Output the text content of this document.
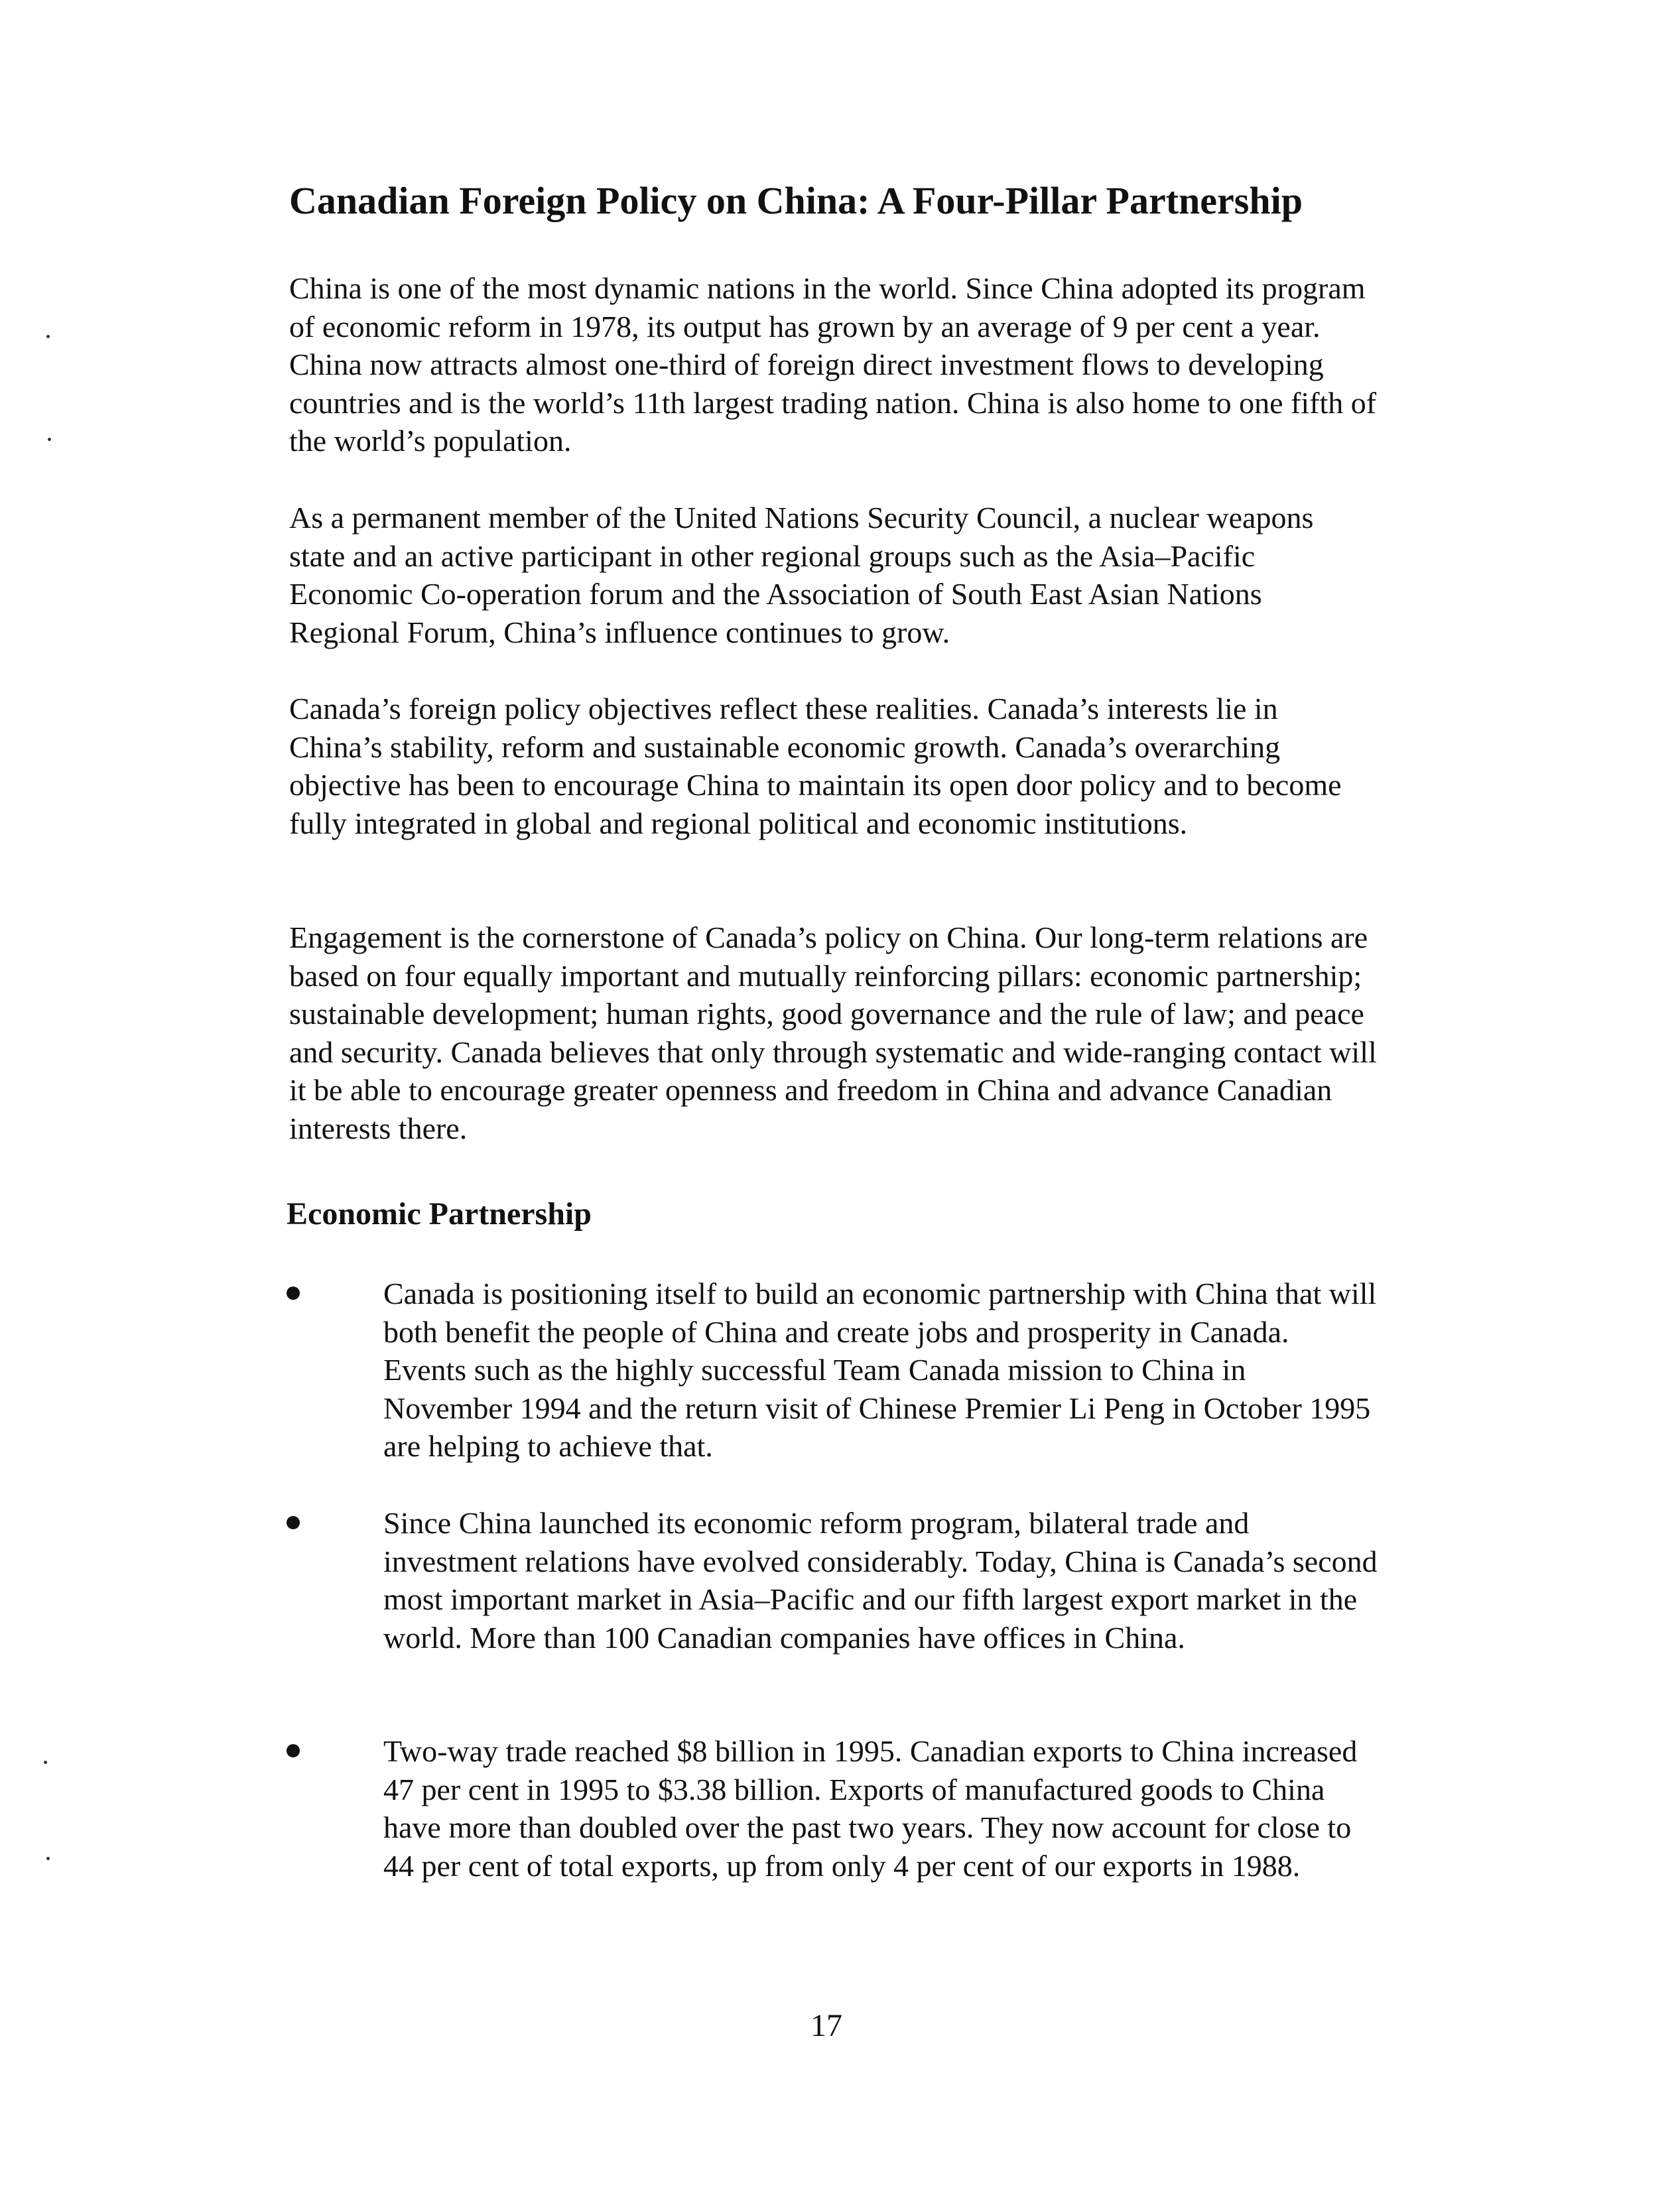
Canadian Foreign Policy on China: A Four-Pillar Partnership

China is one of the most dynamic nations in the world. Since China adopted its program of economic reform in 1978, its output has grown by an average of 9 per cent a year. China now attracts almost one-third of foreign direct investment flows to developing countries and is the world’s 11th largest trading nation. China is also home to one fifth of the world’s population.

As a permanent member of the United Nations Security Council, a nuclear weapons state and an active participant in other regional groups such as the Asia–Pacific Economic Co-operation forum and the Association of South East Asian Nations Regional Forum, China’s influence continues to grow.

Canada’s foreign policy objectives reflect these realities. Canada’s interests lie in China’s stability, reform and sustainable economic growth. Canada’s overarching objective has been to encourage China to maintain its open door policy and to become fully integrated in global and regional political and economic institutions.

Engagement is the cornerstone of Canada’s policy on China. Our long-term relations are based on four equally important and mutually reinforcing pillars: economic partnership; sustainable development; human rights, good governance and the rule of law; and peace and security. Canada believes that only through systematic and wide-ranging contact will it be able to encourage greater openness and freedom in China and advance Canadian interests there.

Economic Partnership

Canada is positioning itself to build an economic partnership with China that will both benefit the people of China and create jobs and prosperity in Canada. Events such as the highly successful Team Canada mission to China in November 1994 and the return visit of Chinese Premier Li Peng in October 1995 are helping to achieve that.

Since China launched its economic reform program, bilateral trade and investment relations have evolved considerably. Today, China is Canada’s second most important market in Asia–Pacific and our fifth largest export market in the world. More than 100 Canadian companies have offices in China.

Two-way trade reached $8 billion in 1995. Canadian exports to China increased 47 per cent in 1995 to $3.38 billion. Exports of manufactured goods to China have more than doubled over the past two years. They now account for close to 44 per cent of total exports, up from only 4 per cent of our exports in 1988.

17
